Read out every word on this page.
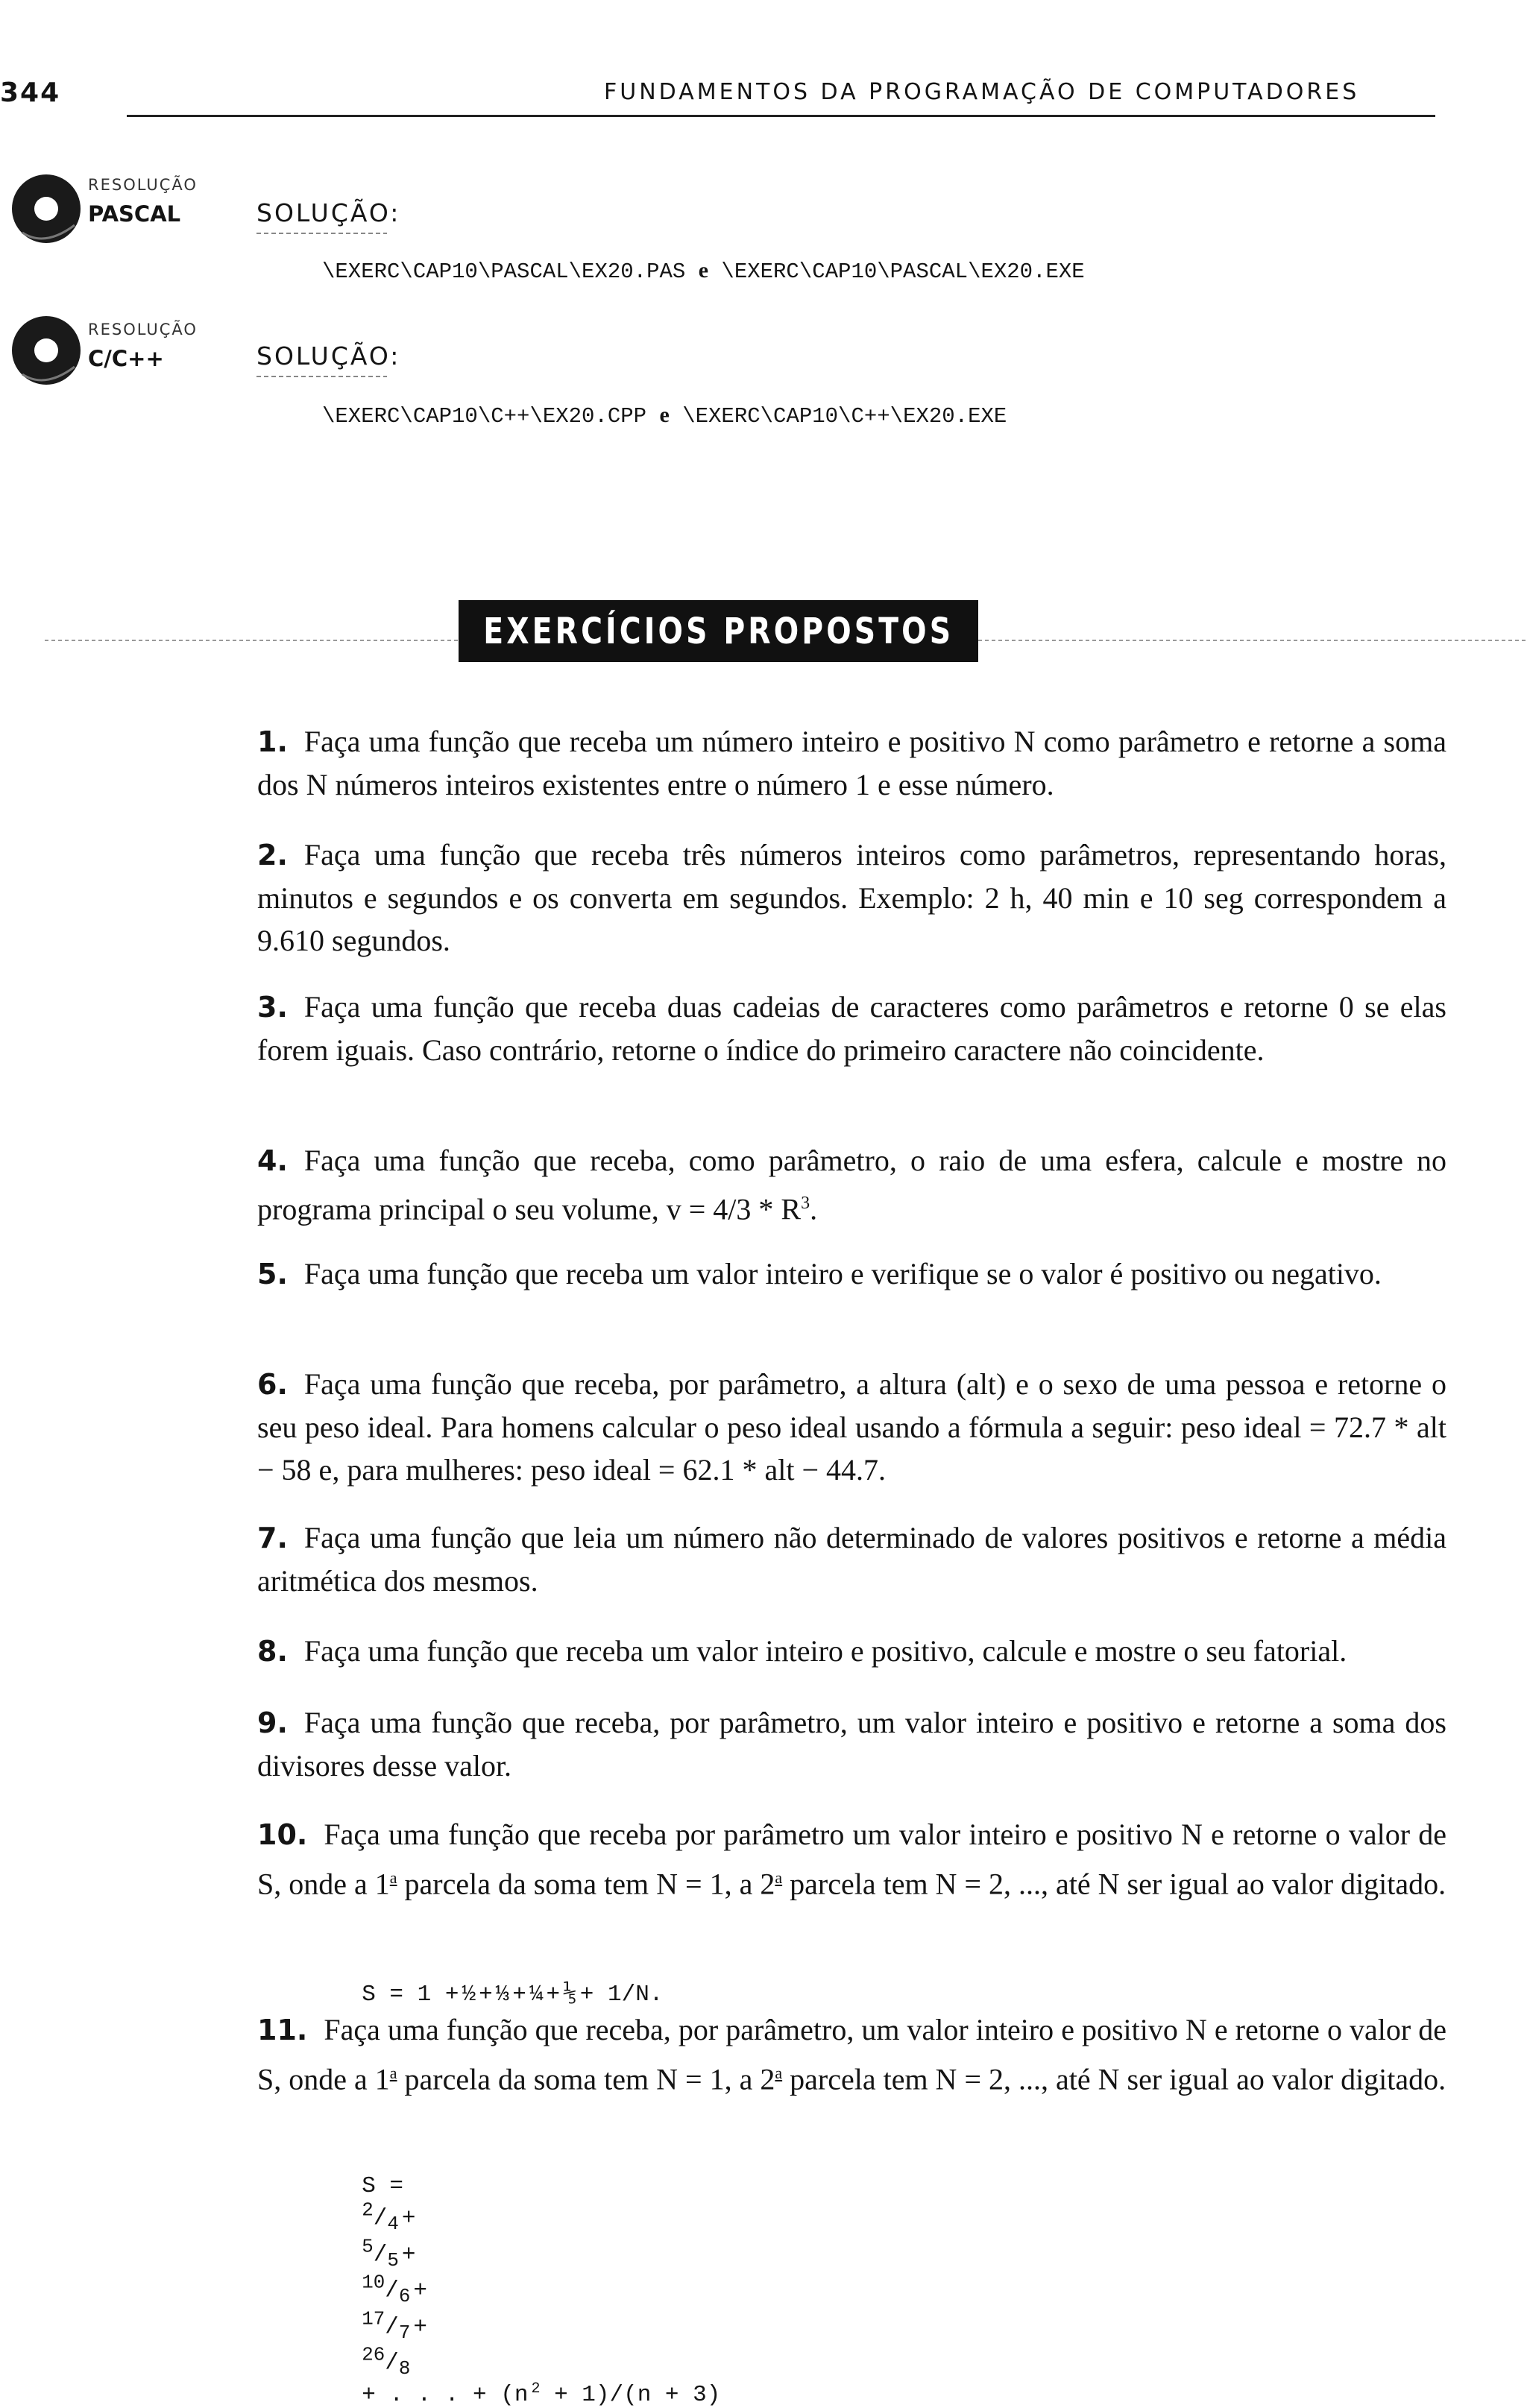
344	FUNDAMENTOS DA PROGRAMAÇÃO DE COMPUTADORES
RESOLUÇÃO
PASCAL	SOLUÇÃO:
\EXERC\CAP10\PASCAL\EX20.PAS e \EXERC\CAP10\PASCAL\EX20.EXE
RESOLUÇÃO
C/C++	SOLUÇÃO:
\EXERC\CAP10\C++\EX20.CPP e \EXERC\CAP10\C++\EX20.EXE
EXERCÍCIOS PROPOSTOS
1. Faça uma função que receba um número inteiro e positivo N como parâmetro e retorne a soma dos N números inteiros existentes entre o número 1 e esse número.
2. Faça uma função que receba três números inteiros como parâmetros, representando horas, minutos e segundos e os converta em segundos. Exemplo: 2 h, 40 min e 10 seg correspondem a 9.610 segundos.
3. Faça uma função que receba duas cadeias de caracteres como parâmetros e retorne 0 se elas forem iguais. Caso contrário, retorne o índice do primeiro caractere não coincidente.
4. Faça uma função que receba, como parâmetro, o raio de uma esfera, calcule e mostre no programa principal o seu volume, $v = 4/3 * R^3$.
5. Faça uma função que receba um valor inteiro e verifique se o valor é positivo ou negativo.
6. Faça uma função que receba, por parâmetro, a altura (alt) e o sexo de uma pessoa e retorne o seu peso ideal. Para homens calcular o peso ideal usando a fórmula a seguir: peso ideal = 72.7 * alt − 58 e, para mulheres: peso ideal = 62.1 * alt − 44.7.
7. Faça uma função que leia um número não determinado de valores positivos e retorne a média aritmética dos mesmos.
8. Faça uma função que receba um valor inteiro e positivo, calcule e mostre o seu fatorial.
9. Faça uma função que receba, por parâmetro, um valor inteiro e positivo e retorne a soma dos divisores desse valor.
10. Faça uma função que receba por parâmetro um valor inteiro e positivo N e retorne o valor de S, onde a 1$^a$ parcela da soma tem N = 1, a 2$^a$ parcela tem N = 2, ..., até N ser igual ao valor digitado.

S = 1 + ½ + ⅓ + ¼ + ⅕ + 1/N.

11. Faça uma função que receba, por parâmetro, um valor inteiro e positivo N e retorne o valor de S, onde a 1$^a$ parcela da soma tem N = 1, a 2$^a$ parcela tem N = 2, ..., até N ser igual ao valor digitado.

S =
$^2/_4$ +
$^5/_5$ +
$^{10}/_6$ +
$^{17}/_7$ +
$^{26}/_8$
+ . . . + (n $^2$ + 1)/(n + 3)
